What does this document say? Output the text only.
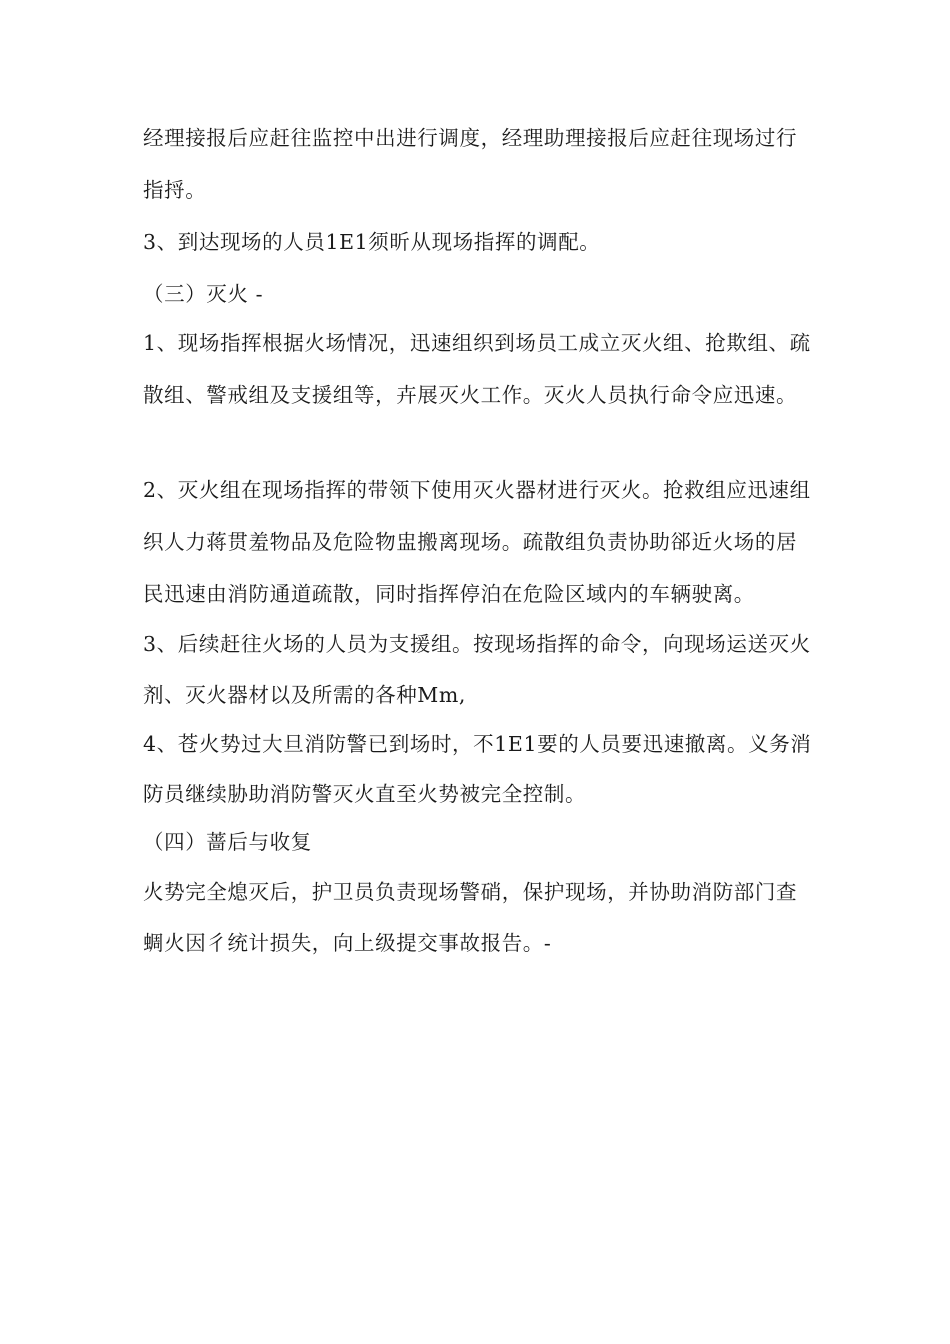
经理接报后应赶往监控中出进行调度，经理助理接报后应赶往现场过行
指捋。
3、到达现场的人员1E1须昕从现场指挥的调配。
（三）灭火 -
1、现场指挥根据火场情况，迅速组织到场员工成立灭火组、抢欺组、疏
散组、警戒组及支援组等，卉展灭火工作。灭火人员执行命令应迅速。
2、灭火组在现场指挥的带领下使用灭火器材进行灭火。抢救组应迅速组
织人力蒋贯羞物品及危险物盅搬离现场。疏散组负责协助郤近火场的居
民迅速由消防通道疏散，同时指挥停泊在危险区域内的车辆驶离。
3、后续赶往火场的人员为支援组。按现场指挥的命令，向现场运送灭火
剂、灭火器材以及所需的各种Mm,
4、苍火势过大旦消防警已到场时，不1E1要的人员要迅速撤离。义务消
防员继续胁助消防警灭火直至火势被完全控制。
（四）蔷后与收复
火势完全熄灭后，护卫员负责现场警硝，保护现场，并协助消防部门查
蜩火因彳统计损失，向上级提交事故报告。-
